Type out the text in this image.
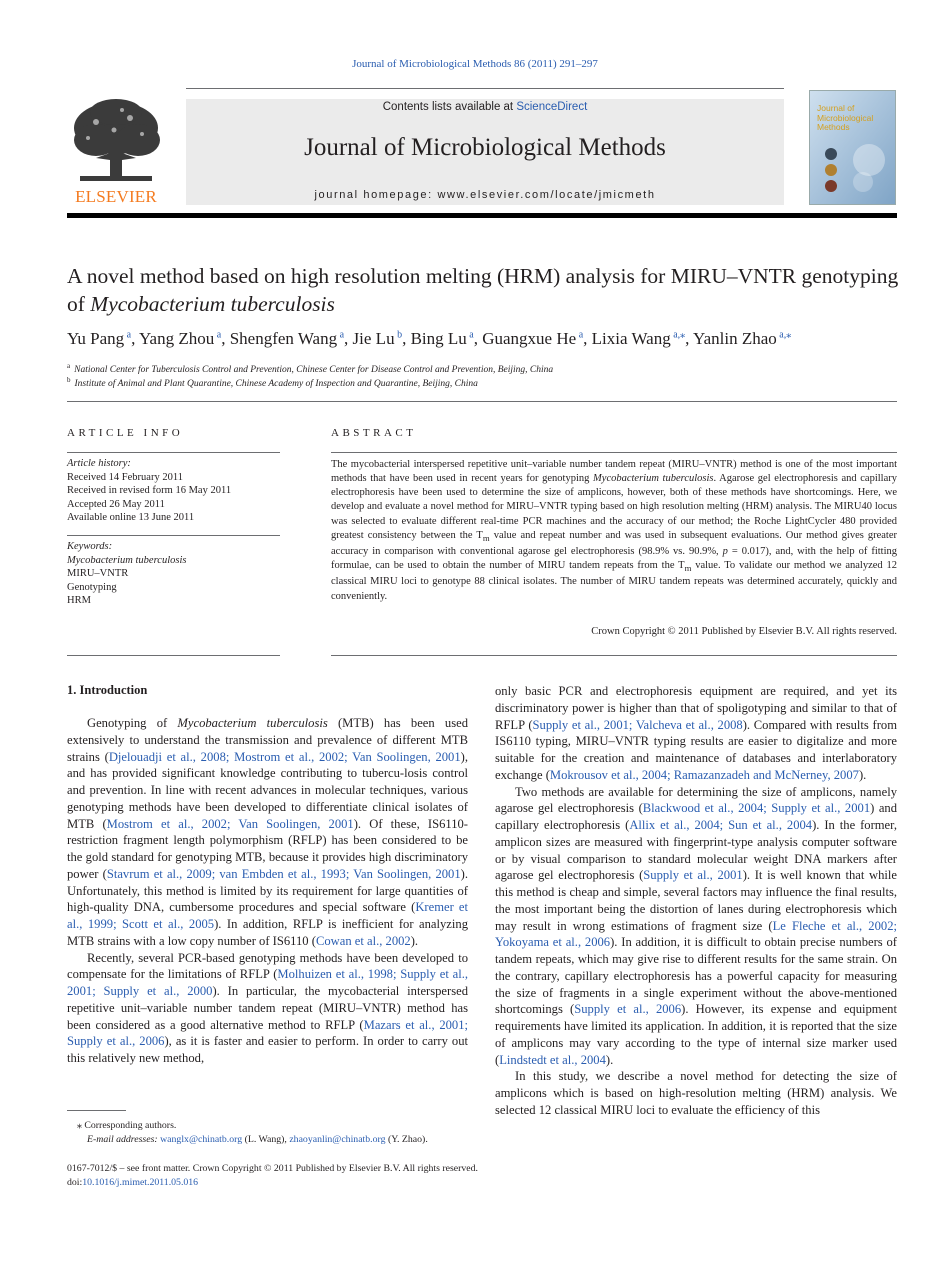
Journal of Microbiological Methods 86 (2011) 291–297
ELSEVIER
Contents lists available at ScienceDirect
Journal of Microbiological Methods
journal homepage: www.elsevier.com/locate/jmicmeth
Journal of Microbiological Methods
A novel method based on high resolution melting (HRM) analysis for MIRU–VNTR genotyping of Mycobacterium tuberculosis
Yu Pang $^a$, Yang Zhou $^a$, Shengfen Wang $^a$, Jie Lu $^b$, Bing Lu $^a$, Guangxue He $^a$, Lixia Wang $^{a,⁎}$, Yanlin Zhao $^{a,⁎}$
$^a$ National Center for Tuberculosis Control and Prevention, Chinese Center for Disease Control and Prevention, Beijing, China
$^b$ Institute of Animal and Plant Quarantine, Chinese Academy of Inspection and Quarantine, Beijing, China
ARTICLE INFO
Article history:
Received 14 February 2011
Received in revised form 16 May 2011
Accepted 26 May 2011
Available online 13 June 2011
Keywords:
Mycobacterium tuberculosis
MIRU–VNTR
Genotyping
HRM
ABSTRACT
The mycobacterial interspersed repetitive unit–variable number tandem repeat (MIRU–VNTR) method is one of the most important methods that have been used in recent years for genotyping Mycobacterium tuberculosis. Agarose gel electrophoresis and capillary electrophoresis have been used to determine the size of amplicons, however, both of these methods have shortcomings. Here, we develop and evaluate a novel method for MIRU–VNTR typing based on high resolution melting (HRM) analysis. The MIRU40 locus was selected to evaluate different real-time PCR machines and the accuracy of our method; the Roche LightCycler 480 provided greatest consistency between the $T_m$ value and repeat number and was used in subsequent evaluations. Our method gives greater accuracy in comparison with conventional agarose gel electrophoresis (98.9% vs. 90.9%, p = 0.017), and, with the help of fitting formulae, can be used to obtain the number of MIRU tandem repeats from the $T_m$ value. To validate our method we analyzed 12 classical MIRU loci to genotype 88 clinical isolates. The number of MIRU tandem repeats was determined accurately, quickly and conveniently.
Crown Copyright © 2011 Published by Elsevier B.V. All rights reserved.
1. Introduction

Genotyping of Mycobacterium tuberculosis (MTB) has been used extensively to understand the transmission and prevalence of different MTB strains (Djelouadji et al., 2008; Mostrom et al., 2002; Van Soolingen, 2001), and has provided significant knowledge contributing to tubercu-losis control and prevention. In line with recent advances in molecular techniques, various genotyping methods have been developed to differentiate clinical isolates of MTB (Mostrom et al., 2002; Van Soolingen, 2001). Of these, IS6110-restriction fragment length polymorphism (RFLP) has been considered to be the gold standard for genotyping MTB, because it provides high discriminatory power (Stavrum et al., 2009; van Embden et al., 1993; Van Soolingen, 2001). Unfortunately, this method is limited by its requirement for large quantities of high-quality DNA, cumbersome procedures and special software (Kremer et al., 1999; Scott et al., 2005). In addition, RFLP is inefficient for analyzing MTB strains with a low copy number of IS6110 (Cowan et al., 2002).

Recently, several PCR-based genotyping methods have been developed to compensate for the limitations of RFLP (Molhuizen et al., 1998; Supply et al., 2001; Supply et al., 2000). In particular, the mycobacterial interspersed repetitive unit–variable number tandem repeat (MIRU–VNTR) method has been considered as a good alternative method to RFLP (Mazars et al., 2001; Supply et al., 2006), as it is faster and easier to perform. In order to carry out this relatively new method,

only basic PCR and electrophoresis equipment are required, and yet its discriminatory power is higher than that of spoligotyping and similar to that of RFLP (Supply et al., 2001; Valcheva et al., 2008). Compared with results from IS6110 typing, MIRU–VNTR typing results are easier to digitalize and more suitable for the creation and maintenance of databases and interlaboratory exchange (Mokrousov et al., 2004; Ramazanzadeh and McNerney, 2007).

Two methods are available for determining the size of amplicons, namely agarose gel electrophoresis (Blackwood et al., 2004; Supply et al., 2001) and capillary electrophoresis (Allix et al., 2004; Sun et al., 2004). In the former, amplicon sizes are measured with fingerprint-type analysis computer software or by visual comparison to standard molecular weight DNA markers after agarose gel electrophoresis (Supply et al., 2001). It is well known that while this method is cheap and simple, several factors may influence the final results, the most important being the distortion of lanes during electrophoresis which may result in wrong estimations of fragment size (Le Fleche et al., 2002; Yokoyama et al., 2006). In addition, it is difficult to obtain precise numbers of tandem repeats, which may give rise to different results for the same strain. On the contrary, capillary electrophoresis has a powerful capacity for measuring the size of fragments in a single experiment without the above-mentioned shortcomings (Supply et al., 2006). However, its expense and equipment requirements have limited its application. In addition, it is reported that the size of amplicons may vary according to the type of internal size marker used (Lindstedt et al., 2004).

In this study, we describe a novel method for detecting the size of amplicons which is based on high-resolution melting (HRM) analysis. We selected 12 classical MIRU loci to evaluate the efficiency of this

⁎ Corresponding authors.
E-mail addresses: wanglx@chinatb.org (L. Wang), zhaoyanlin@chinatb.org (Y. Zhao).
0167-7012/$ – see front matter. Crown Copyright © 2011 Published by Elsevier B.V. All rights reserved.
doi:10.1016/j.mimet.2011.05.016
